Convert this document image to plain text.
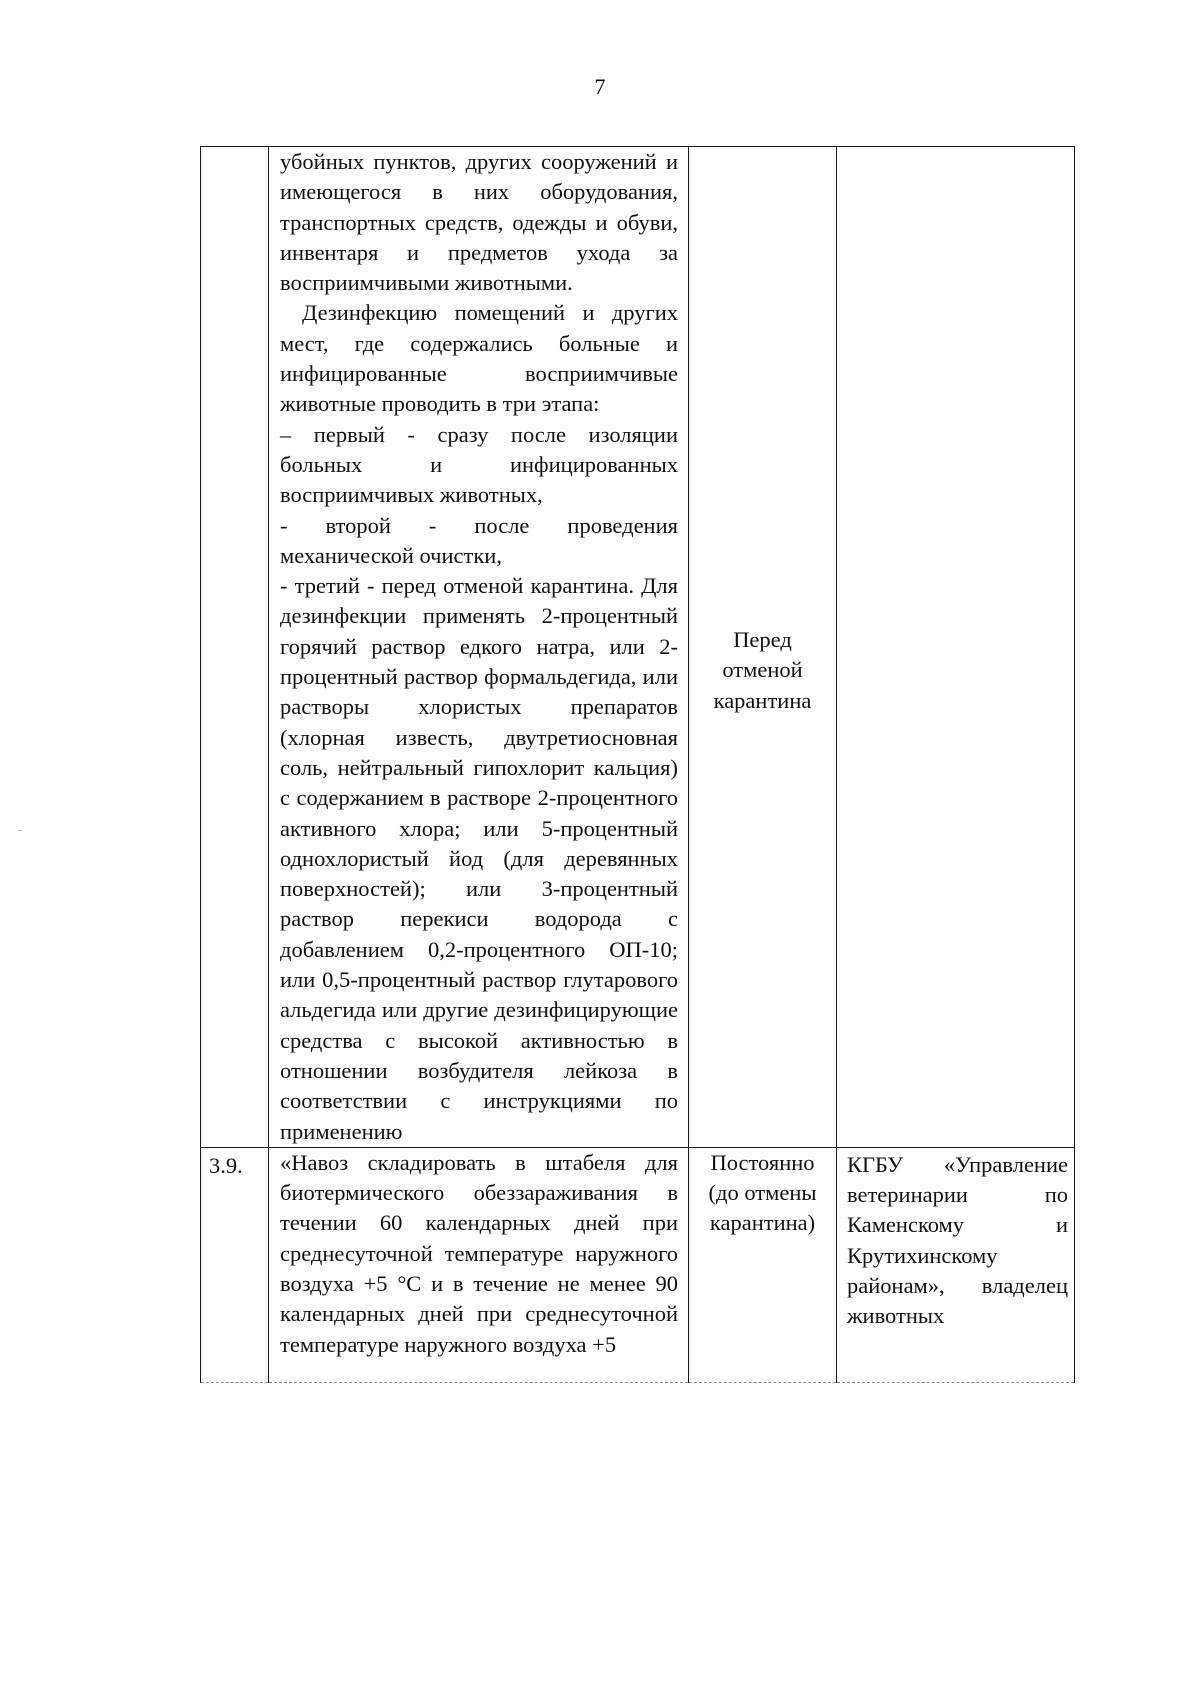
7

	убойных пунктов, других сооружений и имеющегося в них оборудования, транспортных средств, одежды и обуви, инвентаря и предметов ухода за восприимчивыми животными.

Дезинфекцию помещений и других мест, где содержались больные и инфицированные восприимчивые животные проводить в три этапа:

– первый - сразу после изоляции больных и инфицированных восприимчивых животных,

- второй - после проведения механической очистки,

- третий - перед отменой карантина. Для дезинфекции применять 2-процентный горячий раствор едкого натра, или 2-процентный раствор формальдегида, или растворы хлористых препаратов (хлорная известь, двутретиосновная соль, нейтральный гипохлорит кальция) с содержанием в растворе 2-процентного активного хлора; или 5-процентный однохлористый йод (для деревянных поверхностей); или 3-процентный раствор перекиси водорода с добавлением 0,2-процентного ОП-10; или 0,5-процентный раствор глутарового альдегида или другие дезинфицирующие средства с высокой активностью в отношении возбудителя лейкоза в соответствии с инструкциями по применению	Перед отменой карантина	

3.9.	«Навоз складировать в штабеля для биотермического обеззараживания в течении 60 календарных дней при среднесуточной температуре наружного воздуха +5 °С и в течение не менее 90 календарных дней при среднесуточной температуре наружного воздуха +5	Постоянно (до отмены карантина)	КГБУ «Управление ветеринарии по Каменскому и Крутихинскому районам», владелец животных
